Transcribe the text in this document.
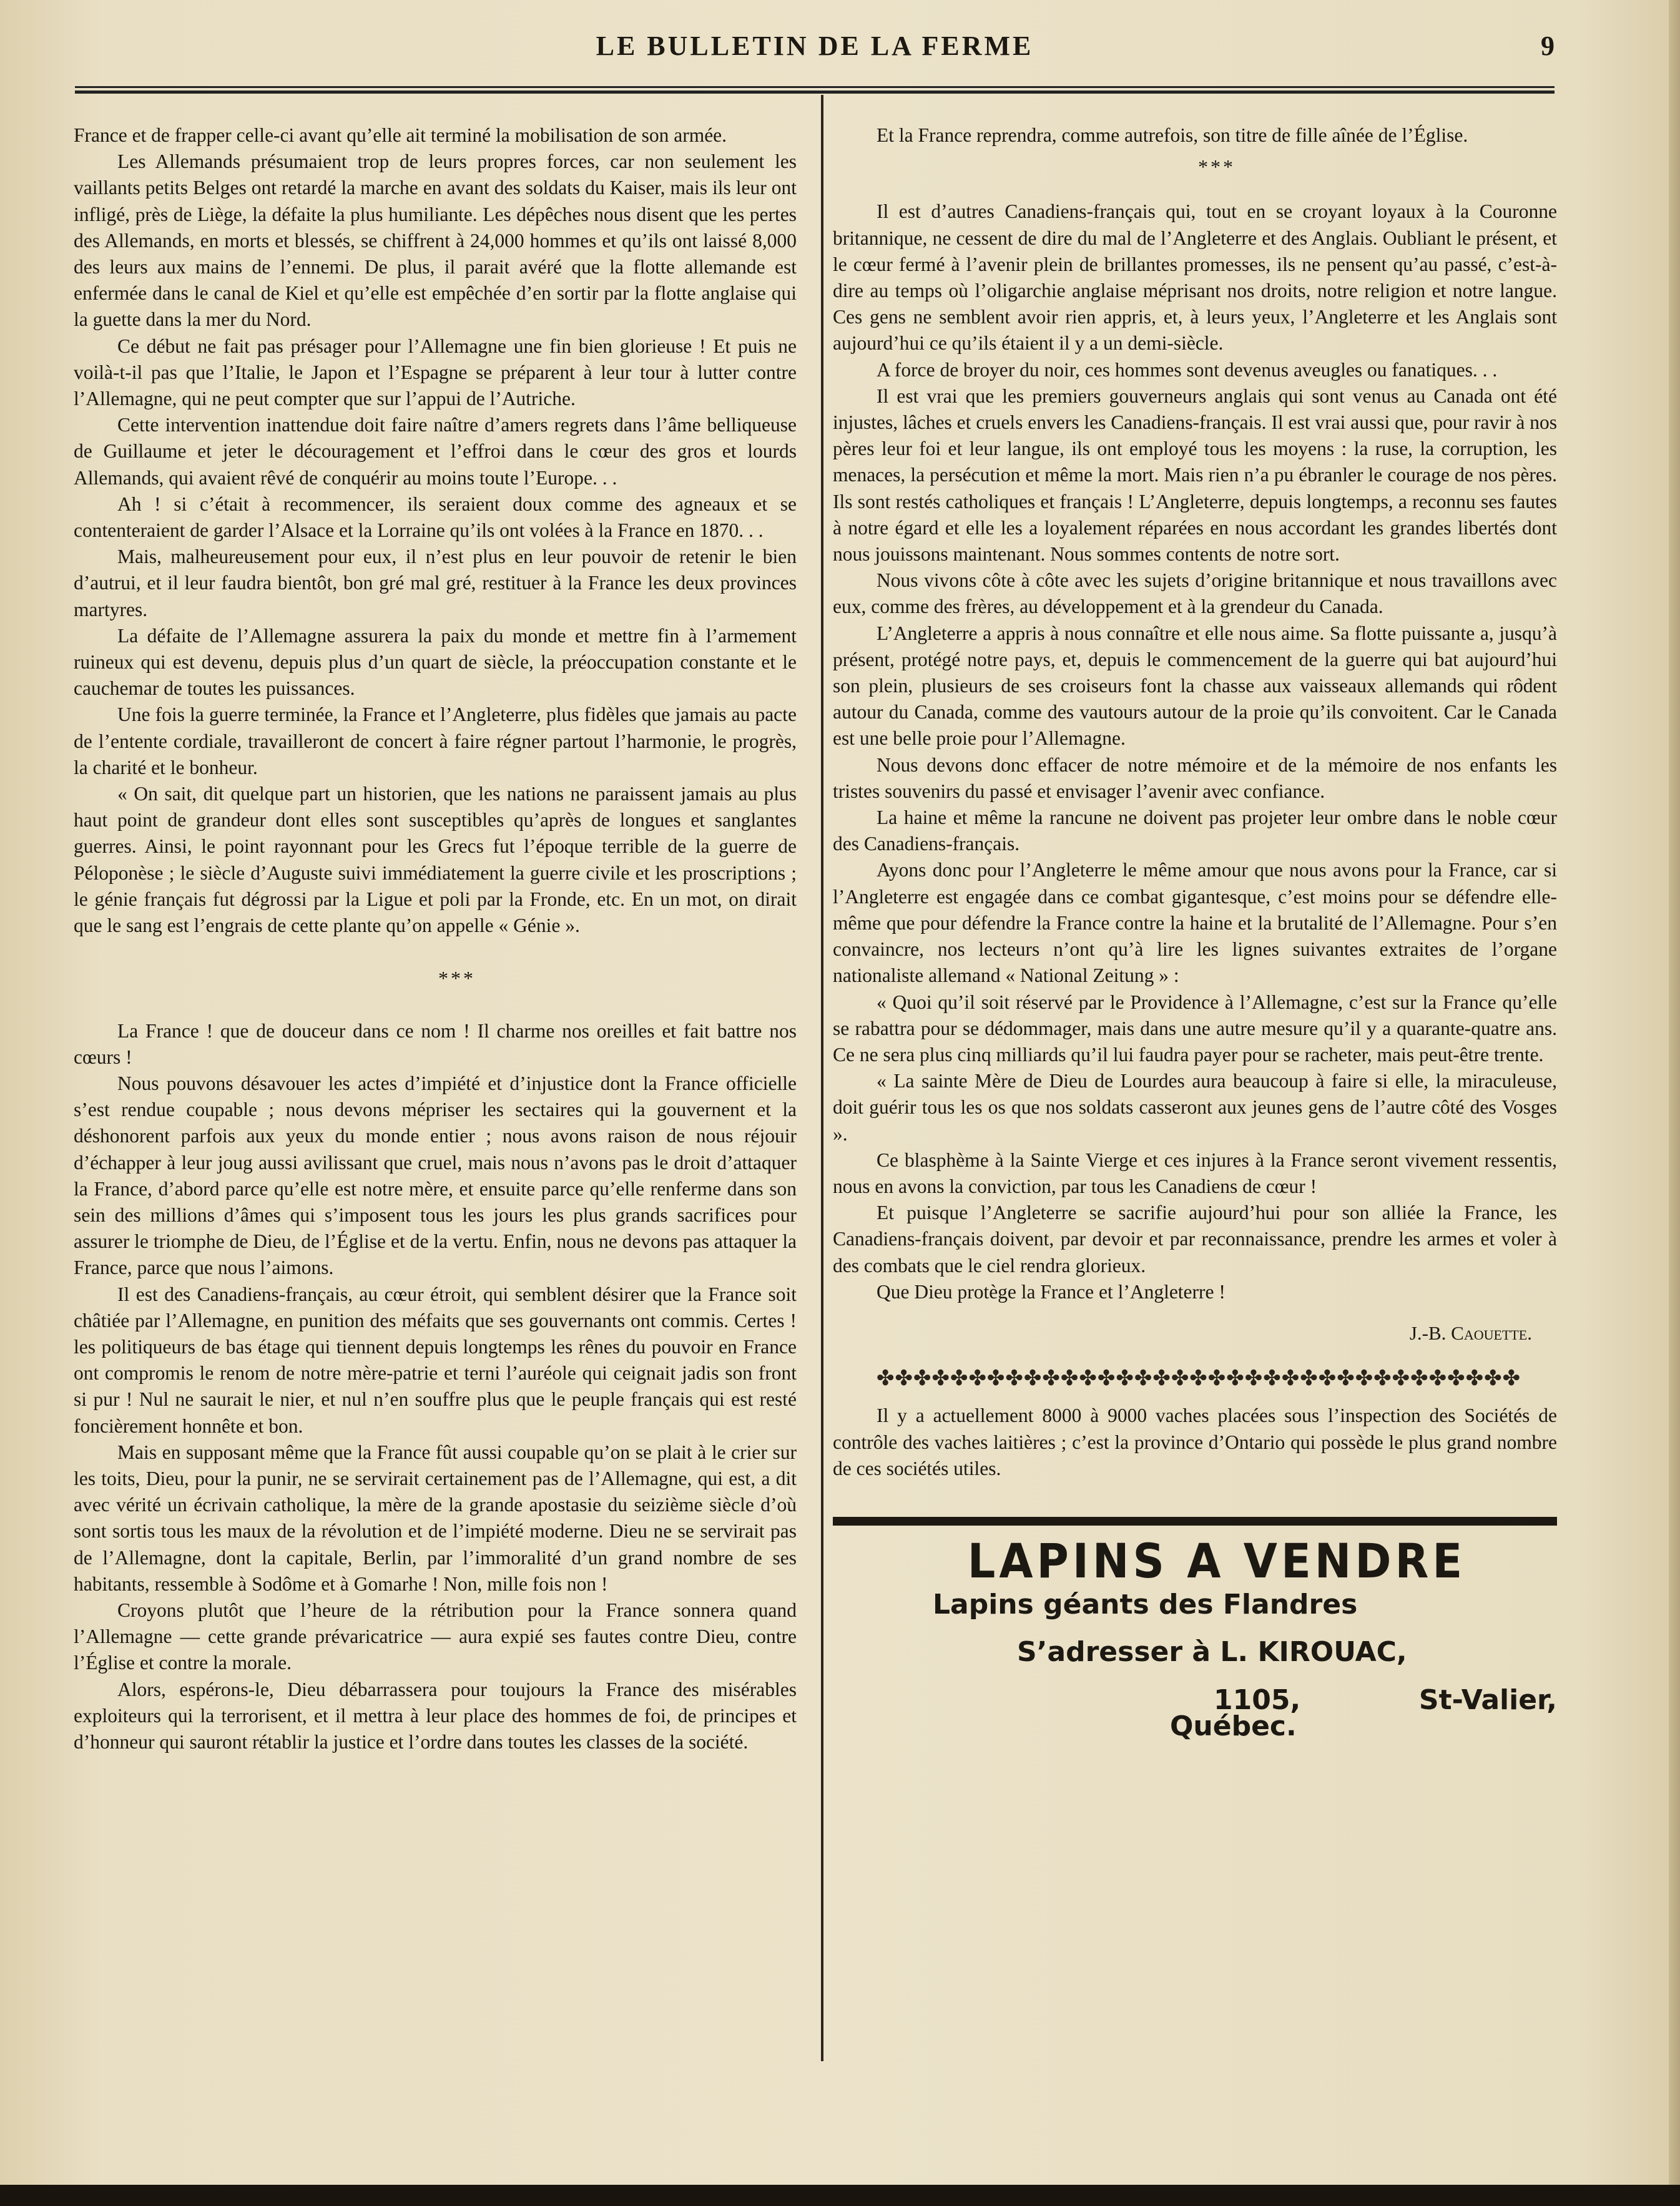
LE BULLETIN DE LA FERME	9

France et de frapper celle-ci avant qu’elle ait terminé la mobilisation de son armée.

Les Allemands présumaient trop de leurs propres forces, car non seulement les vaillants petits Belges ont retardé la marche en avant des soldats du Kaiser, mais ils leur ont infligé, près de Liège, la défaite la plus humiliante. Les dépêches nous disent que les pertes des Allemands, en morts et blessés, se chiffrent à 24,000 hommes et qu’ils ont laissé 8,000 des leurs aux mains de l’ennemi. De plus, il parait avéré que la flotte allemande est enfermée dans le canal de Kiel et qu’elle est empêchée d’en sortir par la flotte anglaise qui la guette dans la mer du Nord.

Ce début ne fait pas présager pour l’Allemagne une fin bien glorieuse ! Et puis ne voilà-t-il pas que l’Italie, le Japon et l’Espagne se préparent à leur tour à lutter contre l’Allemagne, qui ne peut compter que sur l’appui de l’Autriche.

Cette intervention inattendue doit faire naître d’amers regrets dans l’âme belliqueuse de Guillaume et jeter le découragement et l’effroi dans le cœur des gros et lourds Allemands, qui avaient rêvé de conquérir au moins toute l’Europe. . .

Ah ! si c’était à recommencer, ils seraient doux comme des agneaux et se contenteraient de garder l’Alsace et la Lorraine qu’ils ont volées à la France en 1870. . .

Mais, malheureusement pour eux, il n’est plus en leur pouvoir de retenir le bien d’autrui, et il leur faudra bientôt, bon gré mal gré, restituer à la France les deux provinces martyres.

La défaite de l’Allemagne assurera la paix du monde et mettre fin à l’armement ruineux qui est devenu, depuis plus d’un quart de siècle, la préoccupation constante et le cauchemar de toutes les puissances.

Une fois la guerre terminée, la France et l’Angleterre, plus fidèles que jamais au pacte de l’entente cordiale, travailleront de concert à faire régner partout l’harmonie, le progrès, la charité et le bonheur.

« On sait, dit quelque part un historien, que les nations ne paraissent jamais au plus haut point de grandeur dont elles sont susceptibles qu’après de longues et sanglantes guerres. Ainsi, le point rayonnant pour les Grecs fut l’époque terrible de la guerre de Péloponèse ; le siècle d’Auguste suivi immédiatement la guerre civile et les proscriptions ; le génie français fut dégrossi par la Ligue et poli par la Fronde, etc. En un mot, on dirait que le sang est l’engrais de cette plante qu’on appelle « Génie ».

***

La France ! que de douceur dans ce nom ! Il charme nos oreilles et fait battre nos cœurs !

Nous pouvons désavouer les actes d’impiété et d’injustice dont la France officielle s’est rendue coupable ; nous devons mépriser les sectaires qui la gouvernent et la déshonorent parfois aux yeux du monde entier ; nous avons raison de nous réjouir d’échapper à leur joug aussi avilissant que cruel, mais nous n’avons pas le droit d’attaquer la France, d’abord parce qu’elle est notre mère, et ensuite parce qu’elle renferme dans son sein des millions d’âmes qui s’imposent tous les jours les plus grands sacrifices pour assurer le triomphe de Dieu, de l’Église et de la vertu. Enfin, nous ne devons pas attaquer la France, parce que nous l’aimons.

Il est des Canadiens-français, au cœur étroit, qui semblent désirer que la France soit châtiée par l’Allemagne, en punition des méfaits que ses gouvernants ont commis. Certes ! les politiqueurs de bas étage qui tiennent depuis longtemps les rênes du pouvoir en France ont compromis le renom de notre mère-patrie et terni l’auréole qui ceignait jadis son front si pur ! Nul ne saurait le nier, et nul n’en souffre plus que le peuple français qui est resté foncièrement honnête et bon.

Mais en supposant même que la France fût aussi coupable qu’on se plait à le crier sur les toits, Dieu, pour la punir, ne se servirait certainement pas de l’Allemagne, qui est, a dit avec vérité un écrivain catholique, la mère de la grande apostasie du seizième siècle d’où sont sortis tous les maux de la révolution et de l’impiété moderne. Dieu ne se servirait pas de l’Allemagne, dont la capitale, Berlin, par l’immoralité d’un grand nombre de ses habitants, ressemble à Sodôme et à Gomarhe ! Non, mille fois non !

Croyons plutôt que l’heure de la rétribution pour la France sonnera quand l’Allemagne — cette grande prévaricatrice — aura expié ses fautes contre Dieu, contre l’Église et contre la morale.

Alors, espérons-le, Dieu débarrassera pour toujours la France des misérables exploiteurs qui la terrorisent, et il mettra à leur place des hommes de foi, de principes et d’honneur qui sauront rétablir la justice et l’ordre dans toutes les classes de la société.

Et la France reprendra, comme autrefois, son titre de fille aînée de l’Église.

***

Il est d’autres Canadiens-français qui, tout en se croyant loyaux à la Couronne britannique, ne cessent de dire du mal de l’Angleterre et des Anglais. Oubliant le présent, et le cœur fermé à l’avenir plein de brillantes promesses, ils ne pensent qu’au passé, c’est-à-dire au temps où l’oligarchie anglaise méprisant nos droits, notre religion et notre langue. Ces gens ne semblent avoir rien appris, et, à leurs yeux, l’Angleterre et les Anglais sont aujourd’hui ce qu’ils étaient il y a un demi-siècle.

A force de broyer du noir, ces hommes sont devenus aveugles ou fanatiques. . .

Il est vrai que les premiers gouverneurs anglais qui sont venus au Canada ont été injustes, lâches et cruels envers les Canadiens-français. Il est vrai aussi que, pour ravir à nos pères leur foi et leur langue, ils ont employé tous les moyens : la ruse, la corruption, les menaces, la persécution et même la mort. Mais rien n’a pu ébranler le courage de nos pères. Ils sont restés catholiques et français ! L’Angleterre, depuis longtemps, a reconnu ses fautes à notre égard et elle les a loyalement réparées en nous accordant les grandes libertés dont nous jouissons maintenant. Nous sommes contents de notre sort.

Nous vivons côte à côte avec les sujets d’origine britannique et nous travaillons avec eux, comme des frères, au développement et à la grendeur du Canada.

L’Angleterre a appris à nous connaître et elle nous aime. Sa flotte puissante a, jusqu’à présent, protégé notre pays, et, depuis le commencement de la guerre qui bat aujourd’hui son plein, plusieurs de ses croiseurs font la chasse aux vaisseaux allemands qui rôdent autour du Canada, comme des vautours autour de la proie qu’ils convoitent. Car le Canada est une belle proie pour l’Allemagne.

Nous devons donc effacer de notre mémoire et de la mémoire de nos enfants les tristes souvenirs du passé et envisager l’avenir avec confiance.

La haine et même la rancune ne doivent pas projeter leur ombre dans le noble cœur des Canadiens-français.

Ayons donc pour l’Angleterre le même amour que nous avons pour la France, car si l’Angleterre est engagée dans ce combat gigantesque, c’est moins pour se défendre elle-même que pour défendre la France contre la haine et la brutalité de l’Allemagne. Pour s’en convaincre, nos lecteurs n’ont qu’à lire les lignes suivantes extraites de l’organe nationaliste allemand « National Zeitung » :

« Quoi qu’il soit réservé par le Providence à l’Allemagne, c’est sur la France qu’elle se rabattra pour se dédommager, mais dans une autre mesure qu’il y a quarante-quatre ans. Ce ne sera plus cinq milliards qu’il lui faudra payer pour se racheter, mais peut-être trente.

« La sainte Mère de Dieu de Lourdes aura beaucoup à faire si elle, la miraculeuse, doit guérir tous les os que nos soldats casseront aux jeunes gens de l’autre côté des Vosges ».

Ce blasphème à la Sainte Vierge et ces injures à la France seront vivement ressentis, nous en avons la conviction, par tous les Canadiens de cœur !

Et puisque l’Angleterre se sacrifie aujourd’hui pour son alliée la France, les Canadiens-français doivent, par devoir et par reconnaissance, prendre les armes et voler à des combats que le ciel rendra glorieux.

Que Dieu protège la France et l’Angleterre !

J.-B. Caouette.

✤✤✤✤✤✤✤✤✤✤✤✤✤✤✤✤✤✤✤✤✤✤✤✤✤✤✤✤✤✤✤✤✤✤✤

Il y a actuellement 8000 à 9000 vaches placées sous l’inspection des Sociétés de contrôle des vaches laitières ; c’est la province d’Ontario qui possède le plus grand nombre de ces sociétés utiles.

LAPINS A VENDRE

Lapins géants des Flandres

S’adresser à L. KIROUAC,

1105, St-Valier, Québec.
